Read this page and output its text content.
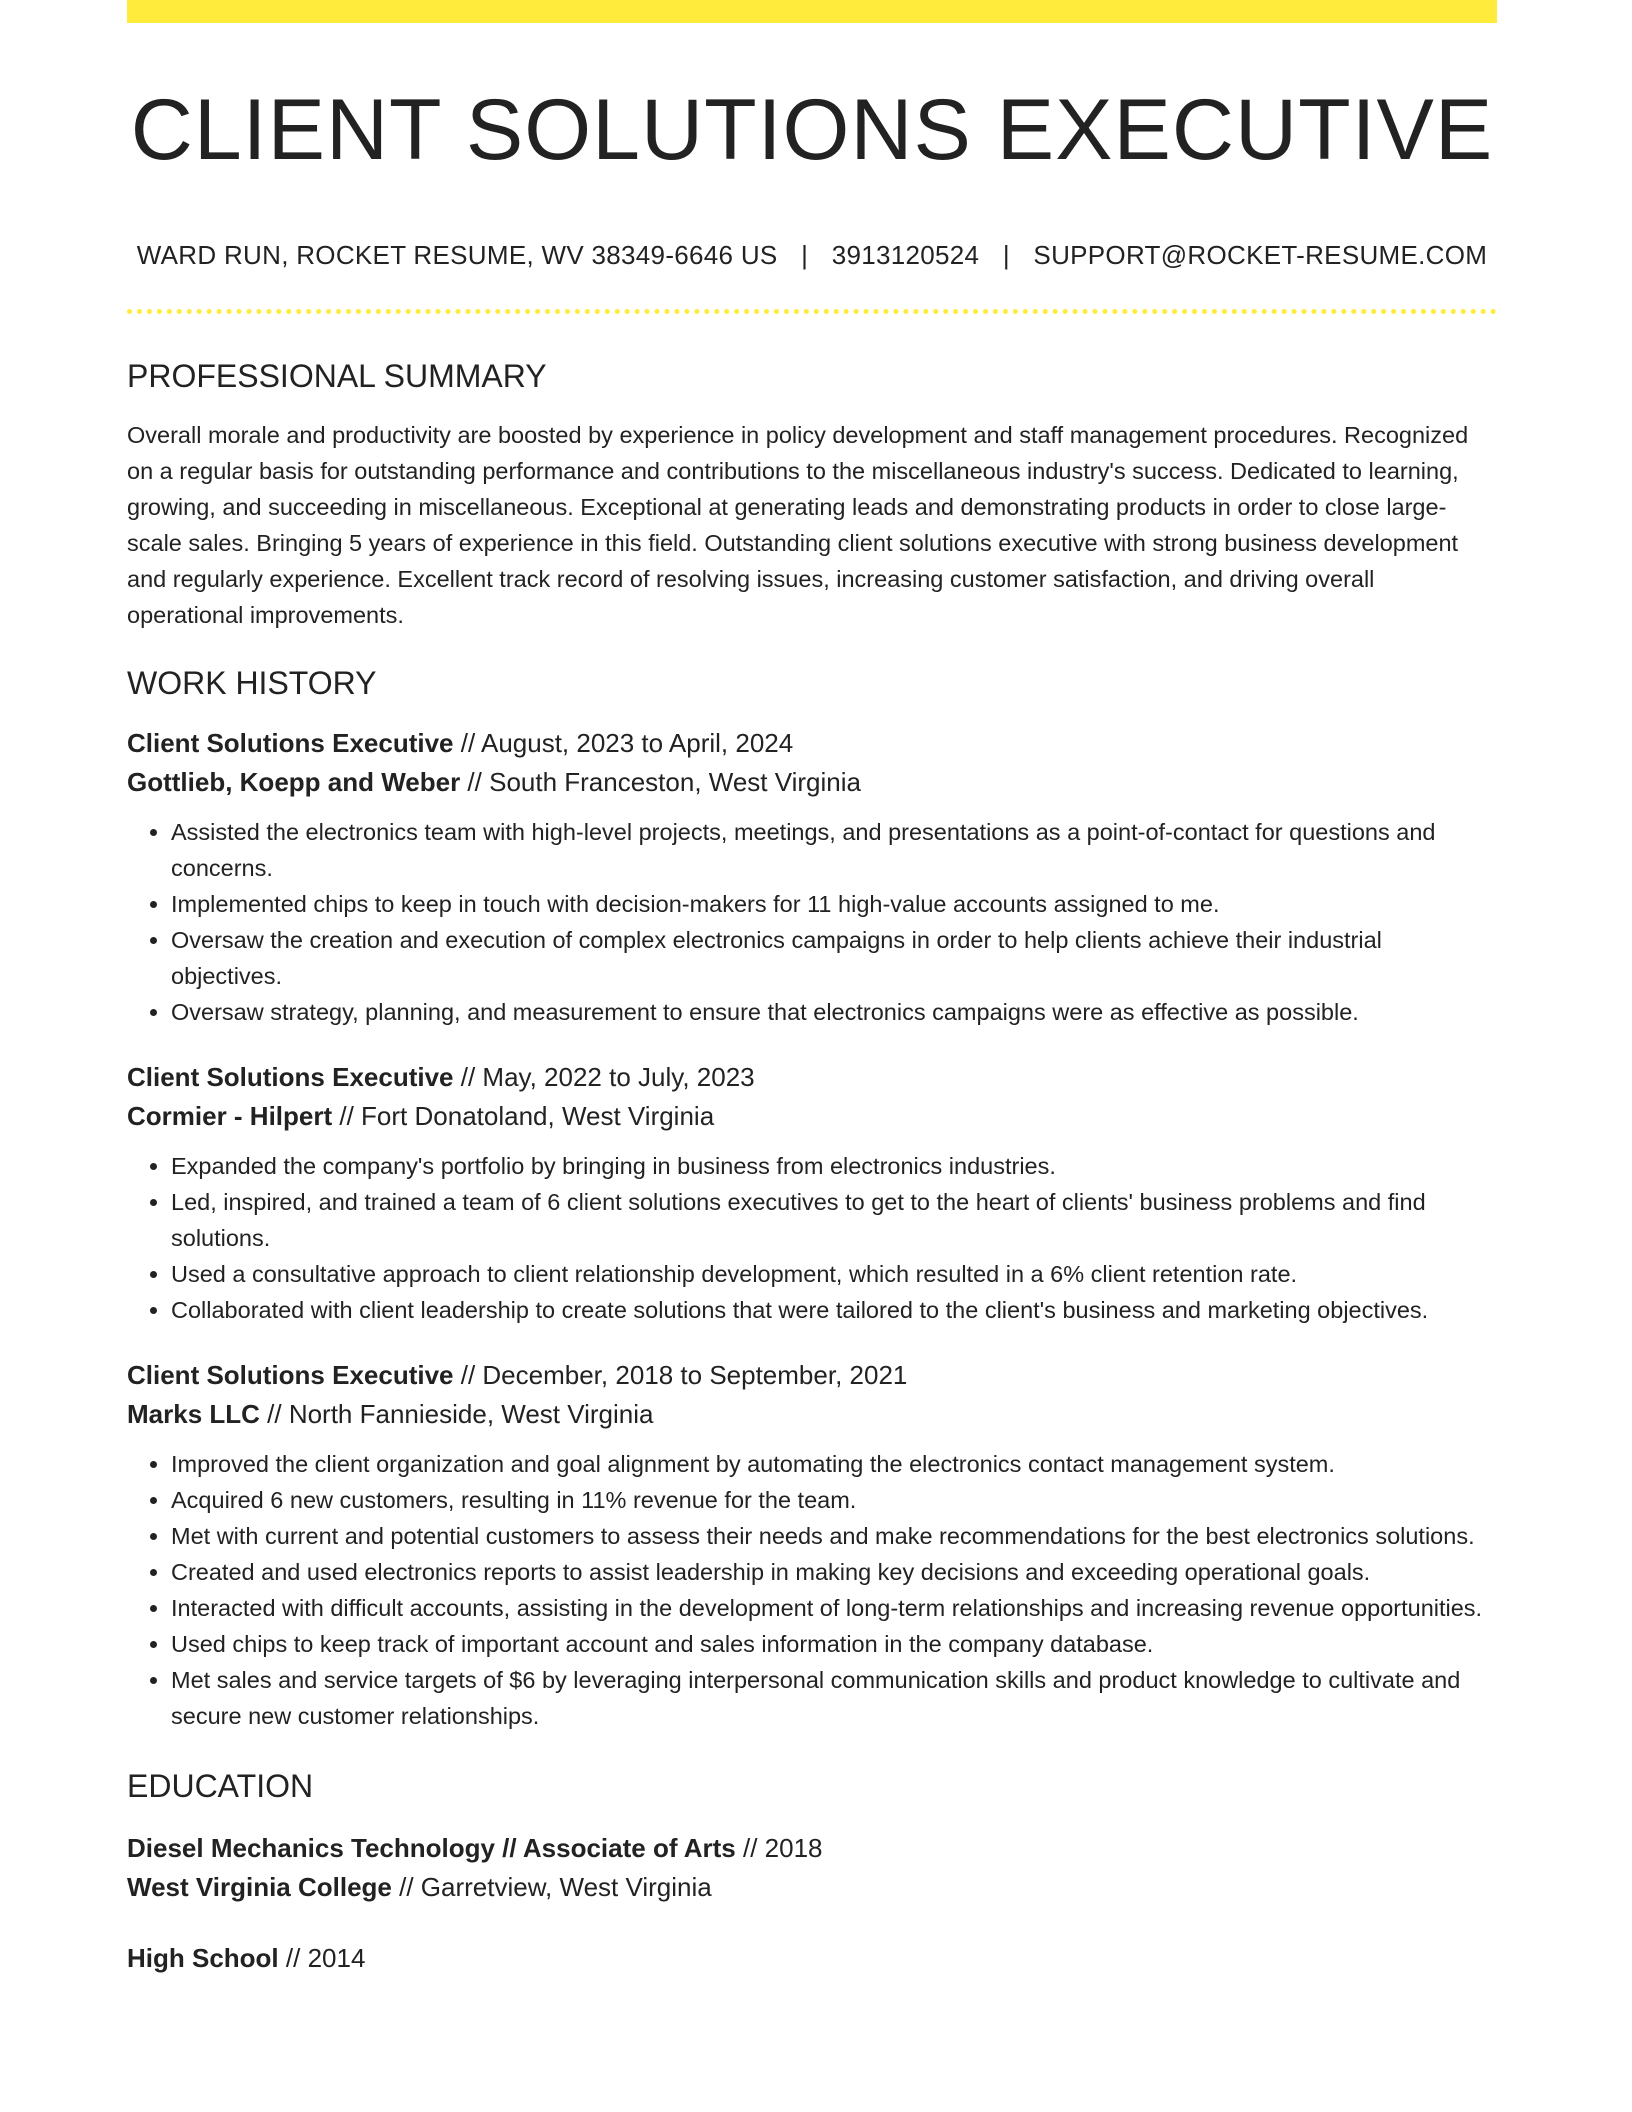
CLIENT SOLUTIONS EXECUTIVE
WARD RUN, ROCKET RESUME, WV 38349-6646 US | 3913120524 | SUPPORT@ROCKET-RESUME.COM
PROFESSIONAL SUMMARY
Overall morale and productivity are boosted by experience in policy development and staff management procedures. Recognized on a regular basis for outstanding performance and contributions to the miscellaneous industry's success. Dedicated to learning, growing, and succeeding in miscellaneous. Exceptional at generating leads and demonstrating products in order to close large-scale sales. Bringing 5 years of experience in this field. Outstanding client solutions executive with strong business development and regularly experience. Excellent track record of resolving issues, increasing customer satisfaction, and driving overall operational improvements.
WORK HISTORY
Client Solutions Executive // August, 2023 to April, 2024
Gottlieb, Koepp and Weber // South Franceston, West Virginia
• Assisted the electronics team with high-level projects, meetings, and presentations as a point-of-contact for questions and concerns.
• Implemented chips to keep in touch with decision-makers for 11 high-value accounts assigned to me.
• Oversaw the creation and execution of complex electronics campaigns in order to help clients achieve their industrial objectives.
• Oversaw strategy, planning, and measurement to ensure that electronics campaigns were as effective as possible.
Client Solutions Executive // May, 2022 to July, 2023
Cormier - Hilpert // Fort Donatoland, West Virginia
• Expanded the company's portfolio by bringing in business from electronics industries.
• Led, inspired, and trained a team of 6 client solutions executives to get to the heart of clients' business problems and find solutions.
• Used a consultative approach to client relationship development, which resulted in a 6% client retention rate.
• Collaborated with client leadership to create solutions that were tailored to the client's business and marketing objectives.
Client Solutions Executive // December, 2018 to September, 2021
Marks LLC // North Fannieside, West Virginia
• Improved the client organization and goal alignment by automating the electronics contact management system.
• Acquired 6 new customers, resulting in 11% revenue for the team.
• Met with current and potential customers to assess their needs and make recommendations for the best electronics solutions.
• Created and used electronics reports to assist leadership in making key decisions and exceeding operational goals.
• Interacted with difficult accounts, assisting in the development of long-term relationships and increasing revenue opportunities.
• Used chips to keep track of important account and sales information in the company database.
• Met sales and service targets of $6 by leveraging interpersonal communication skills and product knowledge to cultivate and secure new customer relationships.
EDUCATION
Diesel Mechanics Technology // Associate of Arts // 2018
West Virginia College // Garretview, West Virginia
High School // 2014
